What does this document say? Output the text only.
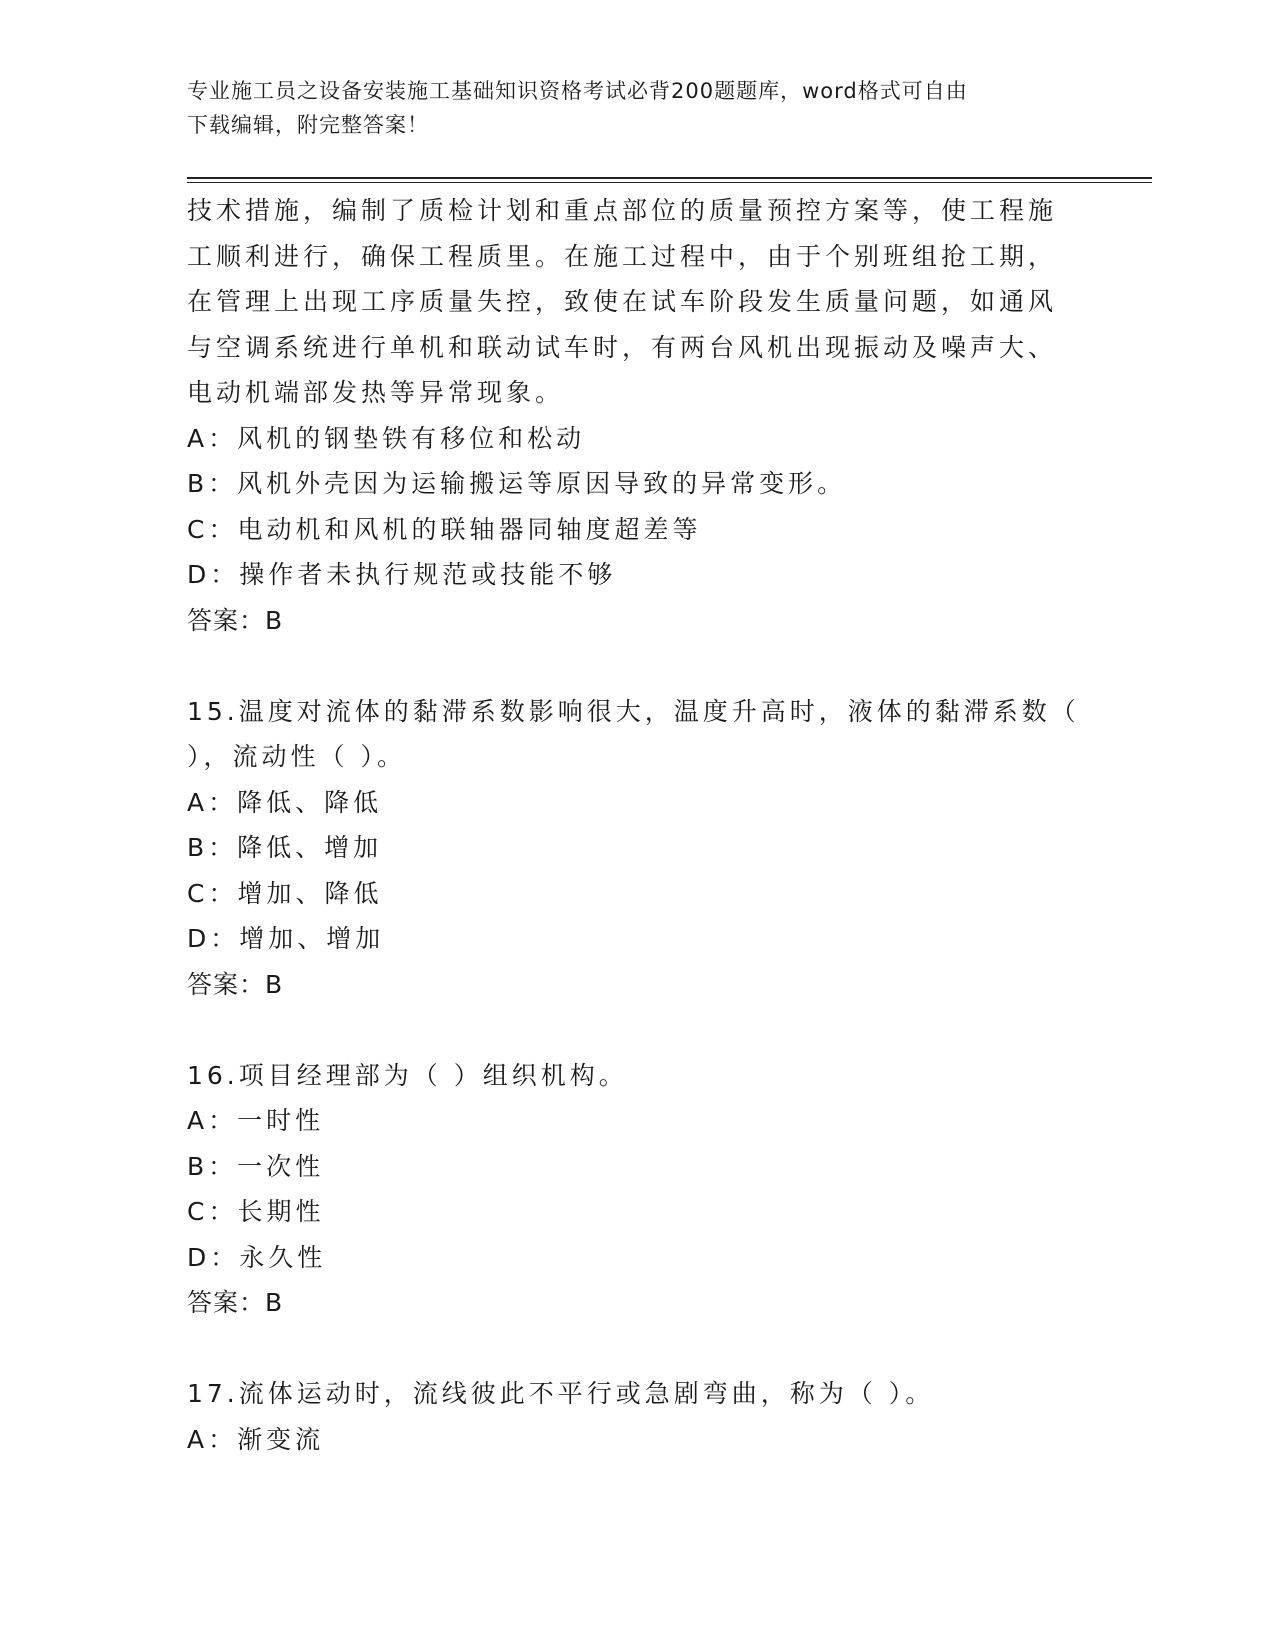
专业施工员之设备安装施工基础知识资格考试必背200题题库，word格式可自由
下载编辑，附完整答案！
技术措施，编制了质检计划和重点部位的质量预控方案等，使工程施
工顺利进行，确保工程质里。在施工过程中，由于个别班组抢工期，
在管理上出现工序质量失控，致使在试车阶段发生质量问题，如通风
与空调系统进行单机和联动试车时，有两台风机出现振动及噪声大、
电动机端部发热等异常现象。
A：风机的钢垫铁有移位和松动
B：风机外壳因为运输搬运等原因导致的异常变形。
C：电动机和风机的联轴器同轴度超差等
D：操作者未执行规范或技能不够
答案：B
15.温度对流体的黏滞系数影响很大，温度升高时，液体的黏滞系数（
），流动性（ ）。
A：降低、降低
B：降低、增加
C：增加、降低
D：增加、增加
答案：B
16.项目经理部为（ ）组织机构。
A：一时性
B：一次性
C：长期性
D：永久性
答案：B
17.流体运动时，流线彼此不平行或急剧弯曲，称为（ ）。
A：渐变流
